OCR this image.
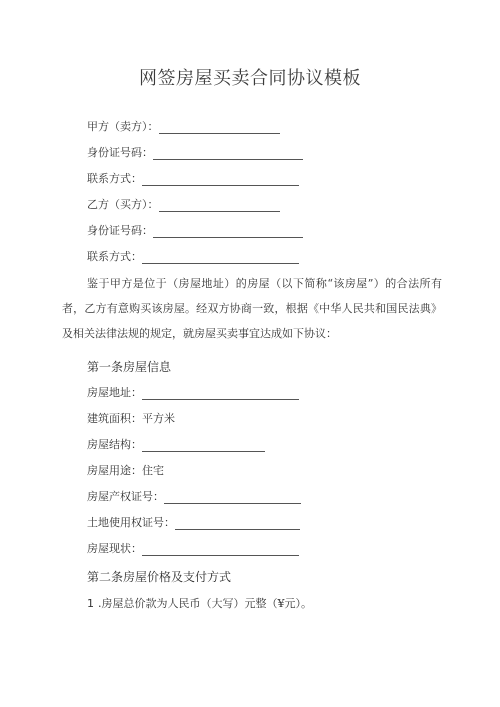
网签房屋买卖合同协议模板
甲方（卖方）：
身份证号码：
联系方式：
乙方（买方）：
身份证号码：
联系方式：
鉴于甲方是位于（房屋地址）的房屋（以下简称“该房屋”）的合法所有者，乙方有意购买该房屋。经双方协商一致，根据《中华人民共和国民法典》及相关法律法规的规定，就房屋买卖事宜达成如下协议：
第一条房屋信息
房屋地址：
建筑面积：平方米
房屋结构：
房屋用途：住宅
房屋产权证号：
土地使用权证号：
房屋现状：
第二条房屋价格及支付方式
1 .房屋总价款为人民币（大写）元整（¥元）。
